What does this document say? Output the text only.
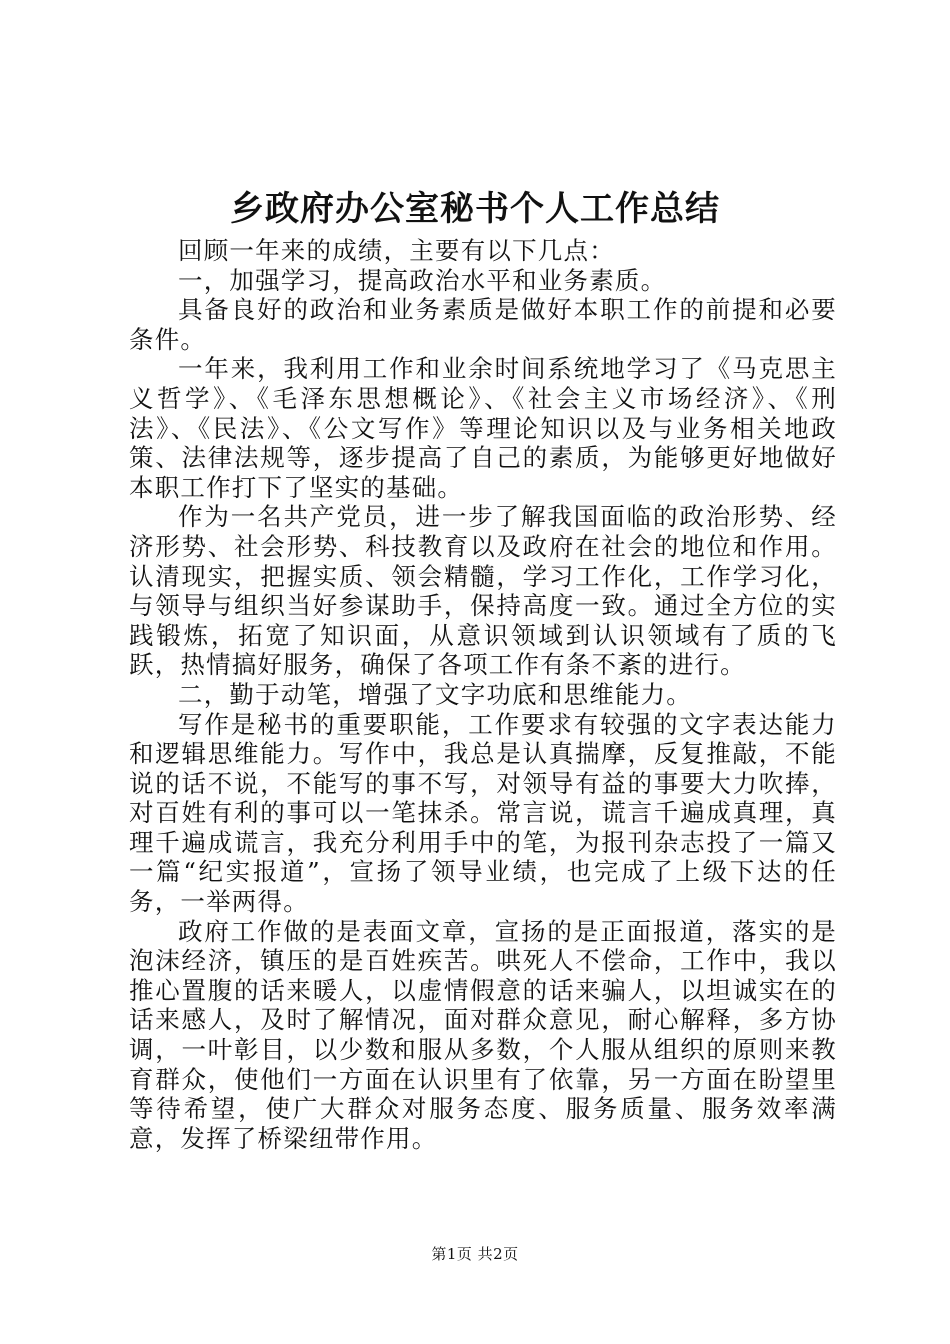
乡政府办公室秘书个人工作总结

回顾一年来的成绩，主要有以下几点：

一，加强学习，提高政治水平和业务素质。

具备良好的政治和业务素质是做好本职工作的前提和必要条件。

一年来，我利用工作和业余时间系统地学习了《马克思主义哲学》、《毛泽东思想概论》、《社会主义市场经济》、《刑法》、《民法》、《公文写作》等理论知识以及与业务相关地政策、法律法规等，逐步提高了自己的素质，为能够更好地做好本职工作打下了坚实的基础。

作为一名共产党员，进一步了解我国面临的政治形势、经济形势、社会形势、科技教育以及政府在社会的地位和作用。认清现实，把握实质、领会精髓，学习工作化，工作学习化，与领导与组织当好参谋助手，保持高度一致。通过全方位的实践锻炼，拓宽了知识面，从意识领域到认识领域有了质的飞跃，热情搞好服务，确保了各项工作有条不紊的进行。

二，勤于动笔，增强了文字功底和思维能力。

写作是秘书的重要职能，工作要求有较强的文字表达能力和逻辑思维能力。写作中，我总是认真揣摩，反复推敲，不能说的话不说，不能写的事不写，对领导有益的事要大力吹捧，对百姓有利的事可以一笔抹杀。常言说，谎言千遍成真理，真理千遍成谎言，我充分利用手中的笔，为报刊杂志投了一篇又一篇“纪实报道”，宣扬了领导业绩，也完成了上级下达的任务，一举两得。

政府工作做的是表面文章，宣扬的是正面报道，落实的是泡沫经济，镇压的是百姓疾苦。哄死人不偿命，工作中，我以推心置腹的话来暖人，以虚情假意的话来骗人，以坦诚实在的话来感人，及时了解情况，面对群众意见，耐心解释，多方协调，一叶彰目，以少数和服从多数，个人服从组织的原则来教育群众，使他们一方面在认识里有了依靠，另一方面在盼望里等待希望，使广大群众对服务态度、服务质量、服务效率满意，发挥了桥梁纽带作用。

第1页 共2页
